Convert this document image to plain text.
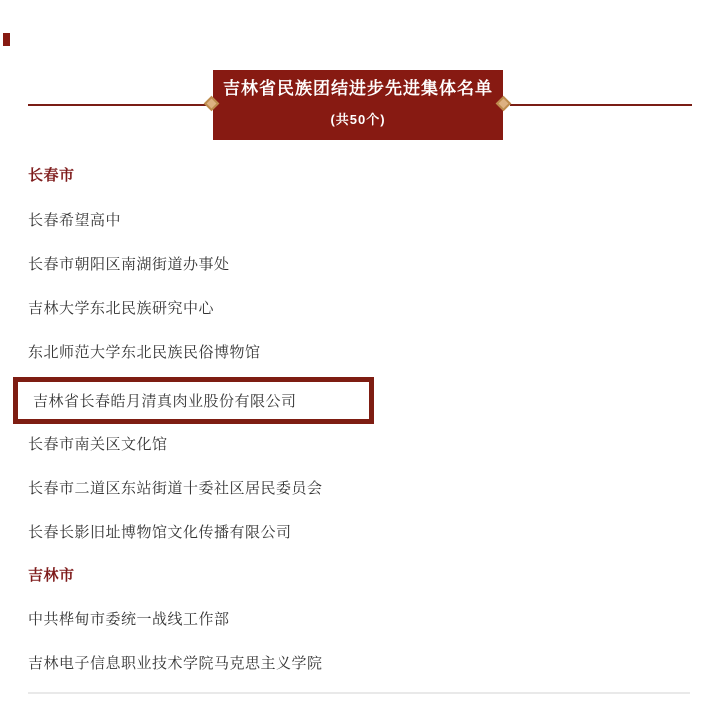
吉林省民族团结进步先进集体名单
(共50个)
长春市
长春希望高中
长春市朝阳区南湖街道办事处
吉林大学东北民族研究中心
东北师范大学东北民族民俗博物馆
吉林省长春皓月清真肉业股份有限公司
长春市南关区文化馆
长春市二道区东站街道十委社区居民委员会
长春长影旧址博物馆文化传播有限公司
吉林市
中共桦甸市委统一战线工作部
吉林电子信息职业技术学院马克思主义学院
